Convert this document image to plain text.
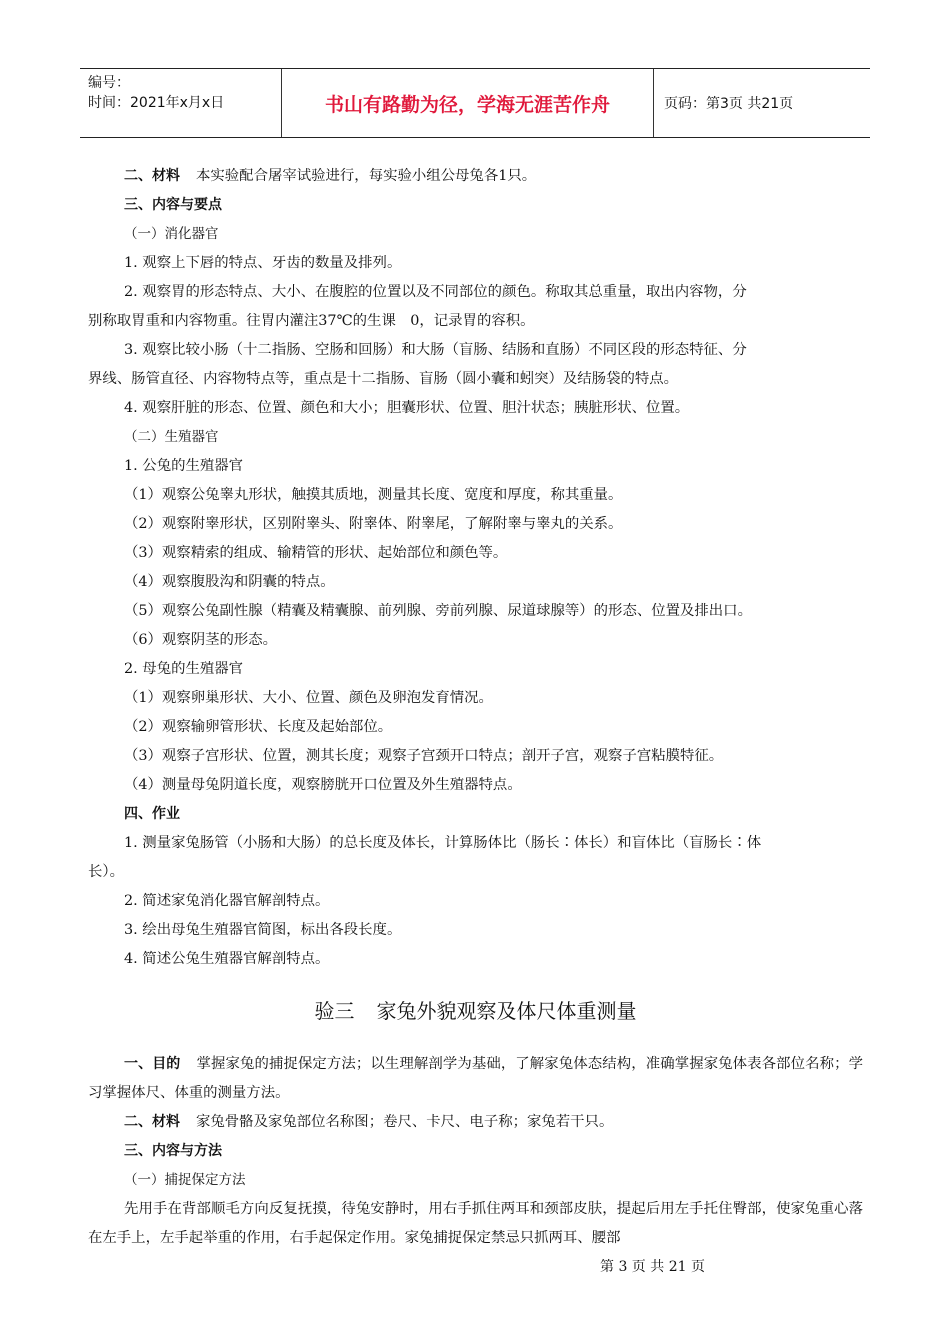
编号：
时间：2021年x月x日	书山有路勤为径，学海无涯苦作舟	页码：第3页 共21页

二、材料 本实验配合屠宰试验进行，每实验小组公母兔各1只。

三、内容与要点

（一）消化器官

1. 观察上下唇的特点、牙齿的数量及排列。

2. 观察胃的形态特点、大小、在腹腔的位置以及不同部位的颜色。称取其总重量，取出内容物，分

别称取胃重和内容物重。往胃内灌注37℃的生课　0，记录胃的容积。

3. 观察比较小肠（十二指肠、空肠和回肠）和大肠（盲肠、结肠和直肠）不同区段的形态特征、分

界线、肠管直径、内容物特点等，重点是十二指肠、盲肠（圆小囊和蚓突）及结肠袋的特点。

4. 观察肝脏的形态、位置、颜色和大小；胆囊形状、位置、胆汁状态；胰脏形状、位置。

（二）生殖器官

1. 公兔的生殖器官

（1）观察公兔睾丸形状，触摸其质地，测量其长度、宽度和厚度，称其重量。

（2）观察附睾形状，区别附睾头、附睾体、附睾尾，了解附睾与睾丸的关系。

（3）观察精索的组成、输精管的形状、起始部位和颜色等。

（4）观察腹股沟和阴囊的特点。

（5）观察公兔副性腺（精囊及精囊腺、前列腺、旁前列腺、尿道球腺等）的形态、位置及排出口。

（6）观察阴茎的形态。

2. 母兔的生殖器官

（1）观察卵巢形状、大小、位置、颜色及卵泡发育情况。

（2）观察输卵管形状、长度及起始部位。

（3）观察子宫形状、位置，测其长度；观察子宫颈开口特点；剖开子宫，观察子宫粘膜特征。

（4）测量母兔阴道长度，观察膀胱开口位置及外生殖器特点。

四、作业

1. 测量家兔肠管（小肠和大肠）的总长度及体长，计算肠体比（肠长∶体长）和盲体比（盲肠长∶体

长）。

2. 简述家兔消化器官解剖特点。

3. 绘出母兔生殖器官简图，标出各段长度。

4. 简述公兔生殖器官解剖特点。

验三 家兔外貌观察及体尺体重测量

一、目的 掌握家兔的捕捉保定方法；以生理解剖学为基础，了解家兔体态结构，准确掌握家兔体表各部位名称；学习掌握体尺、体重的测量方法。

二、材料 家兔骨骼及家兔部位名称图；卷尺、卡尺、电子称；家兔若干只。

三、内容与方法

（一）捕捉保定方法

先用手在背部顺毛方向反复抚摸，待兔安静时，用右手抓住两耳和颈部皮肤，提起后用左手托住臀部，使家兔重心落在左手上，左手起举重的作用，右手起保定作用。家兔捕捉保定禁忌只抓两耳、腰部

第 3 页 共 21 页
